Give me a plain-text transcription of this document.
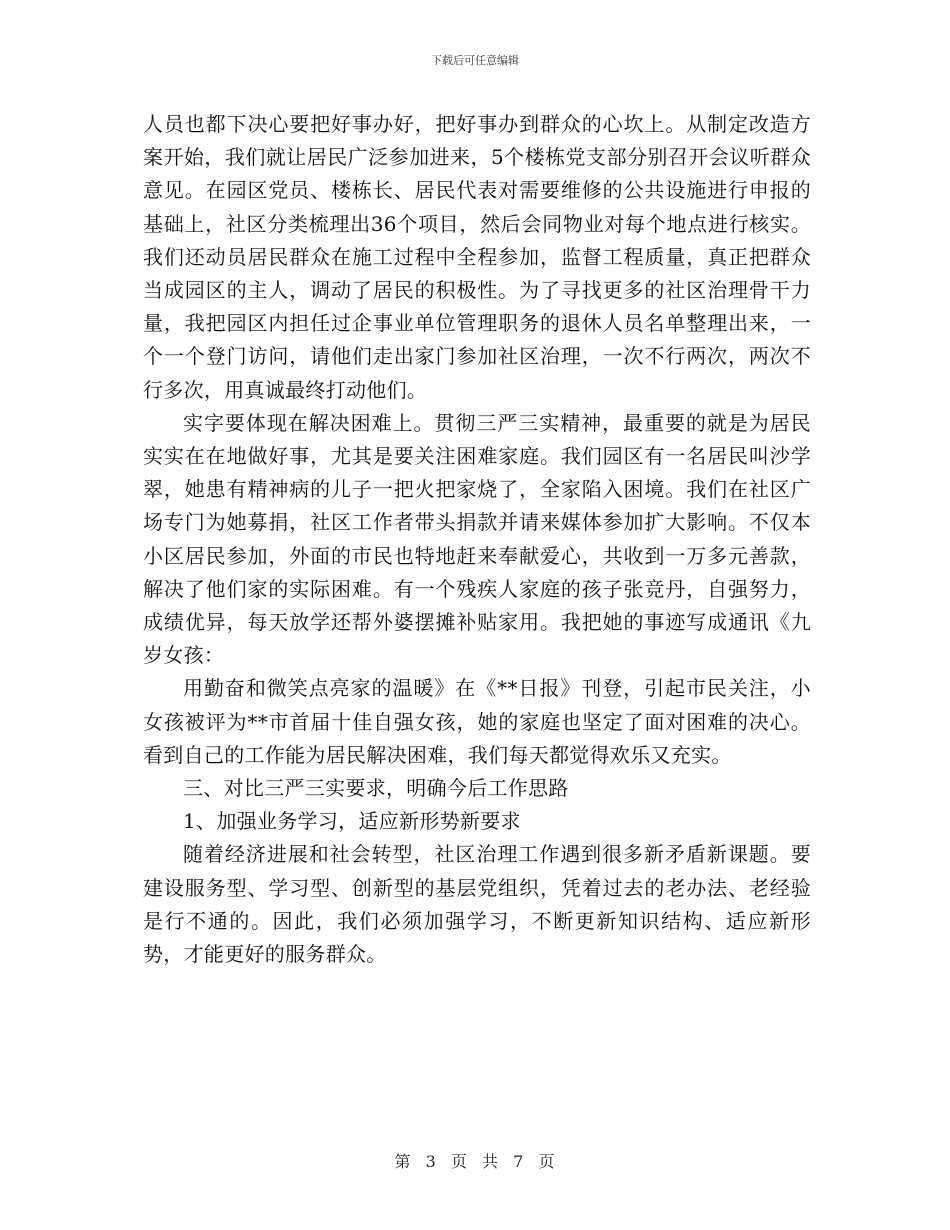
下载后可任意编辑

人员也都下决心要把好事办好，把好事办到群众的心坎上。从制定改造方案开始，我们就让居民广泛参加进来，5个楼栋党支部分别召开会议听群众意见。在园区党员、楼栋长、居民代表对需要维修的公共设施进行申报的基础上，社区分类梳理出36个项目，然后会同物业对每个地点进行核实。我们还动员居民群众在施工过程中全程参加，监督工程质量，真正把群众当成园区的主人，调动了居民的积极性。为了寻找更多的社区治理骨干力量，我把园区内担任过企事业单位管理职务的退休人员名单整理出来，一个一个登门访问，请他们走出家门参加社区治理，一次不行两次，两次不行多次，用真诚最终打动他们。

实字要体现在解决困难上。贯彻三严三实精神，最重要的就是为居民实实在在地做好事，尤其是要关注困难家庭。我们园区有一名居民叫沙学翠，她患有精神病的儿子一把火把家烧了，全家陷入困境。我们在社区广场专门为她募捐，社区工作者带头捐款并请来媒体参加扩大影响。不仅本小区居民参加，外面的市民也特地赶来奉献爱心，共收到一万多元善款，解决了他们家的实际困难。有一个残疾人家庭的孩子张竞丹，自强努力，成绩优异，每天放学还帮外婆摆摊补贴家用。我把她的事迹写成通讯《九岁女孩：

用勤奋和微笑点亮家的温暖》在《**日报》刊登，引起市民关注，小女孩被评为**市首届十佳自强女孩，她的家庭也坚定了面对困难的决心。看到自己的工作能为居民解决困难，我们每天都觉得欢乐又充实。

三、对比三严三实要求，明确今后工作思路

1、加强业务学习，适应新形势新要求

随着经济进展和社会转型，社区治理工作遇到很多新矛盾新课题。要建设服务型、学习型、创新型的基层党组织，凭着过去的老办法、老经验是行不通的。因此，我们必须加强学习，不断更新知识结构、适应新形势，才能更好的服务群众。

第 3 页 共 7 页
